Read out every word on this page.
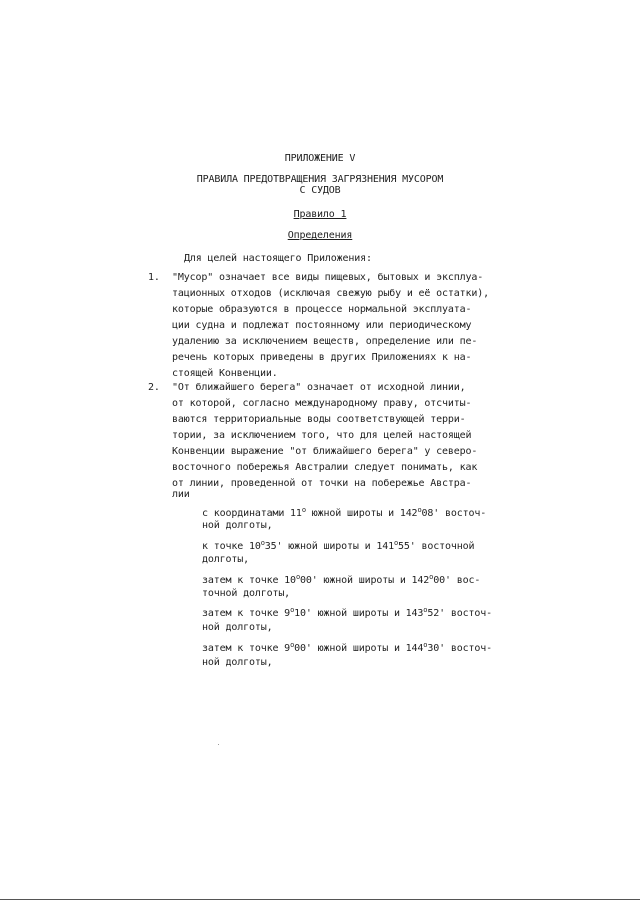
ПРИЛОЖЕНИЕ V
ПРАВИЛА ПРЕДОТВРАЩЕНИЯ ЗАГРЯЗНЕНИЯ МУСОРОМ
С СУДОВ
Правило 1
Определения
Для целей настоящего Приложения:
1. "Мусор" означает все виды пищевых, бытовых и эксплуа-
тационных отходов (исключая свежую рыбу и её остатки),
которые образуются в процессе нормальной эксплуата-
ции судна и подлежат постоянному или периодическому
удалению за исключением веществ, определение или пе-
речень которых приведены в других Приложениях к на-
стоящей Конвенции.
2. "От ближайшего берега" означает от исходной линии,
от которой, согласно международному праву, отсчиты-
ваются территориальные воды соответствующей терри-
тории, за исключением того, что для целей настоящей
Конвенции выражение "от ближайшего берега" у северо-
восточного побережья Австралии следует понимать, как
от линии, проведенной от точки на побережье Австра-
лии
с координатами $11^о$ южной широты и $142^о08'$ восточ-
ной долготы,
к точке $10^о35'$ южной широты и $141^о55'$ восточной
долготы,
затем к точке $10^о00'$ южной широты и $142^о00'$ вос-
точной долготы,
затем к точке $9^о10'$ южной широты и $143^о52'$ восточ-
ной долготы,
затем к точке $9^о00'$ южной широты и $144^о30'$ восточ-
ной долготы,
